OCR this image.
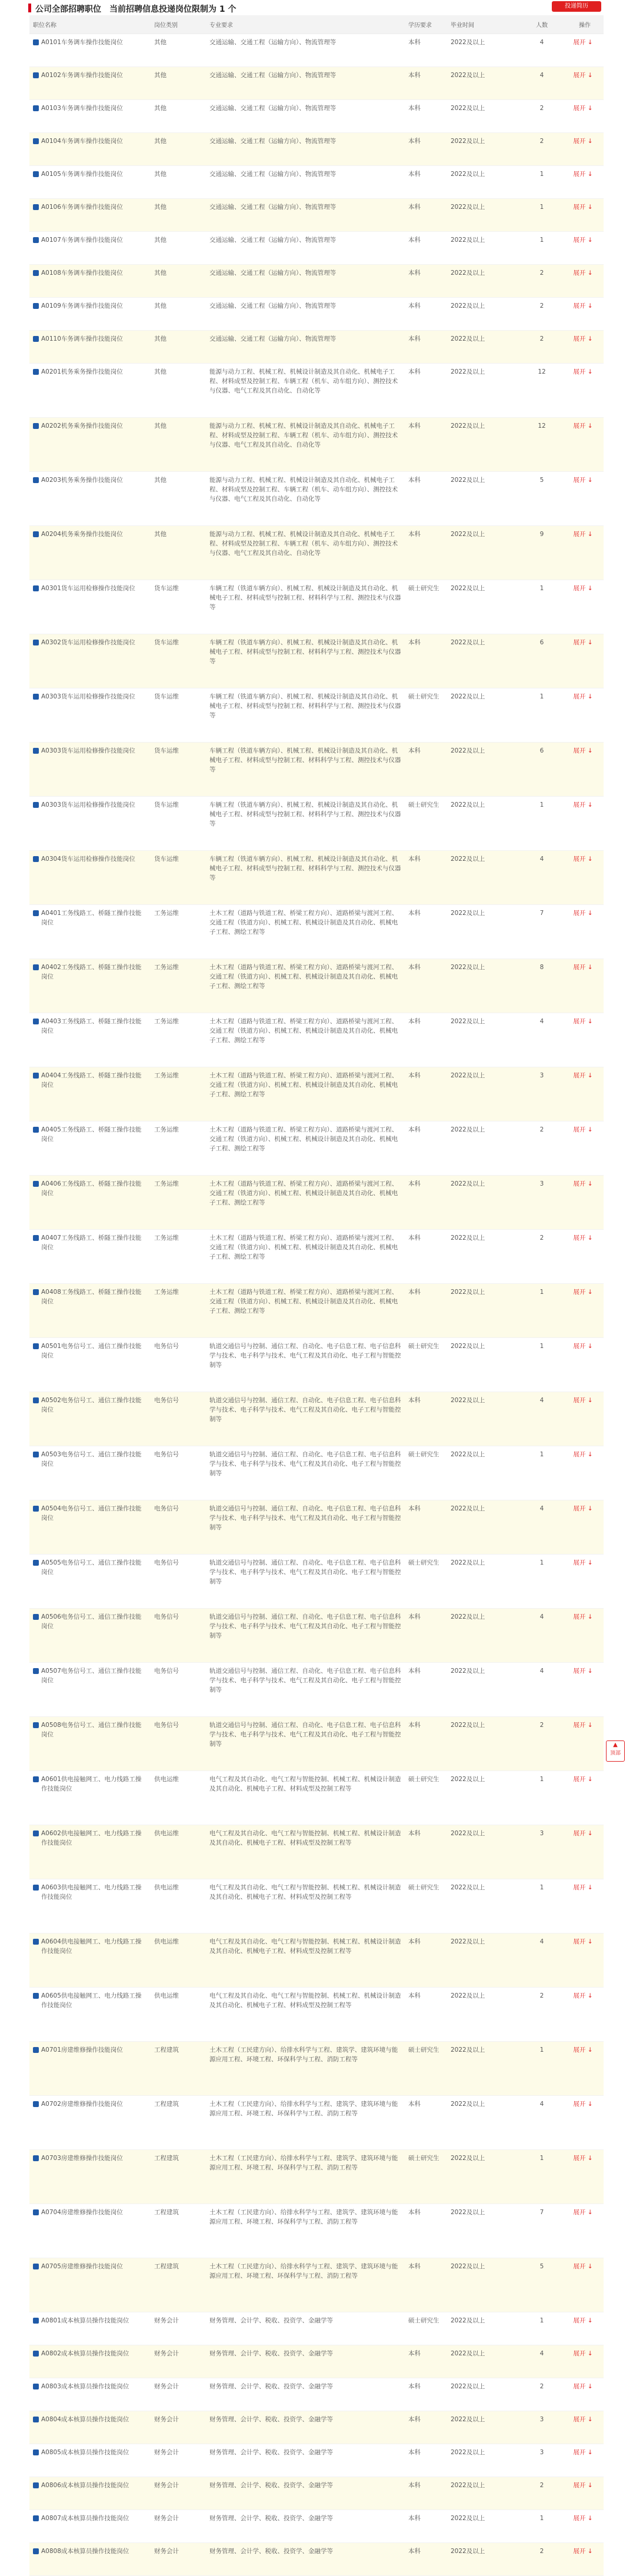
公司全部招聘职位　当前招聘信息投递岗位限制为 1 个	投递简历
职位名称	岗位类别	专业要求	学历要求	毕业时间	人数	操作

A0101车务调车操作技能岗位	其他	交通运输、交通工程（运输方向）、物流管理等	本科	2022及以上	4	展开 ↓

A0102车务调车操作技能岗位	其他	交通运输、交通工程（运输方向）、物流管理等	本科	2022及以上	4	展开 ↓

A0103车务调车操作技能岗位	其他	交通运输、交通工程（运输方向）、物流管理等	本科	2022及以上	2	展开 ↓

A0104车务调车操作技能岗位	其他	交通运输、交通工程（运输方向）、物流管理等	本科	2022及以上	2	展开 ↓

A0105车务调车操作技能岗位	其他	交通运输、交通工程（运输方向）、物流管理等	本科	2022及以上	1	展开 ↓

A0106车务调车操作技能岗位	其他	交通运输、交通工程（运输方向）、物流管理等	本科	2022及以上	1	展开 ↓

A0107车务调车操作技能岗位	其他	交通运输、交通工程（运输方向）、物流管理等	本科	2022及以上	1	展开 ↓

A0108车务调车操作技能岗位	其他	交通运输、交通工程（运输方向）、物流管理等	本科	2022及以上	2	展开 ↓

A0109车务调车操作技能岗位	其他	交通运输、交通工程（运输方向）、物流管理等	本科	2022及以上	2	展开 ↓

A0110车务调车操作技能岗位	其他	交通运输、交通工程（运输方向）、物流管理等	本科	2022及以上	2	展开 ↓

A0201机务乘务操作技能岗位	其他	能源与动力工程、机械工程、机械设计制造及其自动化、机械电子工程、材料成型及控制工程、车辆工程（机车、动车组方向）、测控技术与仪器、电气工程及其自动化、自动化等	本科	2022及以上	12	展开 ↓

A0202机务乘务操作技能岗位	其他	能源与动力工程、机械工程、机械设计制造及其自动化、机械电子工程、材料成型及控制工程、车辆工程（机车、动车组方向）、测控技术与仪器、电气工程及其自动化、自动化等	本科	2022及以上	12	展开 ↓

A0203机务乘务操作技能岗位	其他	能源与动力工程、机械工程、机械设计制造及其自动化、机械电子工程、材料成型及控制工程、车辆工程（机车、动车组方向）、测控技术与仪器、电气工程及其自动化、自动化等	本科	2022及以上	5	展开 ↓

A0204机务乘务操作技能岗位	其他	能源与动力工程、机械工程、机械设计制造及其自动化、机械电子工程、材料成型及控制工程、车辆工程（机车、动车组方向）、测控技术与仪器、电气工程及其自动化、自动化等	本科	2022及以上	9	展开 ↓

A0301货车运用检修操作技能岗位	货车运维	车辆工程（铁道车辆方向）、机械工程、机械设计制造及其自动化、机械电子工程、材料成型与控制工程、材料科学与工程、测控技术与仪器等	硕士研究生	2022及以上	1	展开 ↓

A0302货车运用检修操作技能岗位	货车运维	车辆工程（铁道车辆方向）、机械工程、机械设计制造及其自动化、机械电子工程、材料成型与控制工程、材料科学与工程、测控技术与仪器等	本科	2022及以上	6	展开 ↓

A0303货车运用检修操作技能岗位	货车运维	车辆工程（铁道车辆方向）、机械工程、机械设计制造及其自动化、机械电子工程、材料成型与控制工程、材料科学与工程、测控技术与仪器等	硕士研究生	2022及以上	1	展开 ↓

A0303货车运用检修操作技能岗位	货车运维	车辆工程（铁道车辆方向）、机械工程、机械设计制造及其自动化、机械电子工程、材料成型与控制工程、材料科学与工程、测控技术与仪器等	本科	2022及以上	6	展开 ↓

A0303货车运用检修操作技能岗位	货车运维	车辆工程（铁道车辆方向）、机械工程、机械设计制造及其自动化、机械电子工程、材料成型与控制工程、材料科学与工程、测控技术与仪器等	硕士研究生	2022及以上	1	展开 ↓

A0304货车运用检修操作技能岗位	货车运维	车辆工程（铁道车辆方向）、机械工程、机械设计制造及其自动化、机械电子工程、材料成型与控制工程、材料科学与工程、测控技术与仪器等	本科	2022及以上	4	展开 ↓

A0401工务线路工、桥隧工操作技能岗位	工务运维	土木工程（道路与铁道工程、桥梁工程方向）、道路桥梁与渡河工程、交通工程（铁道方向）、机械工程、机械设计制造及其自动化、机械电子工程、测绘工程等	本科	2022及以上	7	展开 ↓

A0402工务线路工、桥隧工操作技能岗位	工务运维	土木工程（道路与铁道工程、桥梁工程方向）、道路桥梁与渡河工程、交通工程（铁道方向）、机械工程、机械设计制造及其自动化、机械电子工程、测绘工程等	本科	2022及以上	8	展开 ↓

A0403工务线路工、桥隧工操作技能岗位	工务运维	土木工程（道路与铁道工程、桥梁工程方向）、道路桥梁与渡河工程、交通工程（铁道方向）、机械工程、机械设计制造及其自动化、机械电子工程、测绘工程等	本科	2022及以上	4	展开 ↓

A0404工务线路工、桥隧工操作技能岗位	工务运维	土木工程（道路与铁道工程、桥梁工程方向）、道路桥梁与渡河工程、交通工程（铁道方向）、机械工程、机械设计制造及其自动化、机械电子工程、测绘工程等	本科	2022及以上	3	展开 ↓

A0405工务线路工、桥隧工操作技能岗位	工务运维	土木工程（道路与铁道工程、桥梁工程方向）、道路桥梁与渡河工程、交通工程（铁道方向）、机械工程、机械设计制造及其自动化、机械电子工程、测绘工程等	本科	2022及以上	2	展开 ↓

A0406工务线路工、桥隧工操作技能岗位	工务运维	土木工程（道路与铁道工程、桥梁工程方向）、道路桥梁与渡河工程、交通工程（铁道方向）、机械工程、机械设计制造及其自动化、机械电子工程、测绘工程等	本科	2022及以上	3	展开 ↓

A0407工务线路工、桥隧工操作技能岗位	工务运维	土木工程（道路与铁道工程、桥梁工程方向）、道路桥梁与渡河工程、交通工程（铁道方向）、机械工程、机械设计制造及其自动化、机械电子工程、测绘工程等	本科	2022及以上	2	展开 ↓

A0408工务线路工、桥隧工操作技能岗位	工务运维	土木工程（道路与铁道工程、桥梁工程方向）、道路桥梁与渡河工程、交通工程（铁道方向）、机械工程、机械设计制造及其自动化、机械电子工程、测绘工程等	本科	2022及以上	1	展开 ↓

A0501电务信号工、通信工操作技能岗位	电务信号	轨道交通信号与控制、通信工程、自动化、电子信息工程、电子信息科学与技术、电子科学与技术、电气工程及其自动化、电子工程与智能控制等	硕士研究生	2022及以上	1	展开 ↓

A0502电务信号工、通信工操作技能岗位	电务信号	轨道交通信号与控制、通信工程、自动化、电子信息工程、电子信息科学与技术、电子科学与技术、电气工程及其自动化、电子工程与智能控制等	本科	2022及以上	4	展开 ↓

A0503电务信号工、通信工操作技能岗位	电务信号	轨道交通信号与控制、通信工程、自动化、电子信息工程、电子信息科学与技术、电子科学与技术、电气工程及其自动化、电子工程与智能控制等	硕士研究生	2022及以上	1	展开 ↓

A0504电务信号工、通信工操作技能岗位	电务信号	轨道交通信号与控制、通信工程、自动化、电子信息工程、电子信息科学与技术、电子科学与技术、电气工程及其自动化、电子工程与智能控制等	本科	2022及以上	4	展开 ↓

A0505电务信号工、通信工操作技能岗位	电务信号	轨道交通信号与控制、通信工程、自动化、电子信息工程、电子信息科学与技术、电子科学与技术、电气工程及其自动化、电子工程与智能控制等	硕士研究生	2022及以上	1	展开 ↓

A0506电务信号工、通信工操作技能岗位	电务信号	轨道交通信号与控制、通信工程、自动化、电子信息工程、电子信息科学与技术、电子科学与技术、电气工程及其自动化、电子工程与智能控制等	本科	2022及以上	4	展开 ↓

A0507电务信号工、通信工操作技能岗位	电务信号	轨道交通信号与控制、通信工程、自动化、电子信息工程、电子信息科学与技术、电子科学与技术、电气工程及其自动化、电子工程与智能控制等	本科	2022及以上	4	展开 ↓

A0508电务信号工、通信工操作技能岗位	电务信号	轨道交通信号与控制、通信工程、自动化、电子信息工程、电子信息科学与技术、电子科学与技术、电气工程及其自动化、电子工程与智能控制等	本科	2022及以上	2	展开 ↓

A0601供电接触网工、电力线路工操作技能岗位	供电运维	电气工程及其自动化、电气工程与智能控制、机械工程、机械设计制造及其自动化、机械电子工程、材料成型及控制工程等	硕士研究生	2022及以上	1	展开 ↓

A0602供电接触网工、电力线路工操作技能岗位	供电运维	电气工程及其自动化、电气工程与智能控制、机械工程、机械设计制造及其自动化、机械电子工程、材料成型及控制工程等	本科	2022及以上	3	展开 ↓

A0603供电接触网工、电力线路工操作技能岗位	供电运维	电气工程及其自动化、电气工程与智能控制、机械工程、机械设计制造及其自动化、机械电子工程、材料成型及控制工程等	硕士研究生	2022及以上	1	展开 ↓

A0604供电接触网工、电力线路工操作技能岗位	供电运维	电气工程及其自动化、电气工程与智能控制、机械工程、机械设计制造及其自动化、机械电子工程、材料成型及控制工程等	本科	2022及以上	4	展开 ↓

A0605供电接触网工、电力线路工操作技能岗位	供电运维	电气工程及其自动化、电气工程与智能控制、机械工程、机械设计制造及其自动化、机械电子工程、材料成型及控制工程等	本科	2022及以上	2	展开 ↓

A0701房建维修操作技能岗位	工程建筑	土木工程（工民建方向）、给排水科学与工程、建筑学、建筑环境与能源应用工程、环境工程、环保科学与工程、消防工程等	硕士研究生	2022及以上	1	展开 ↓

A0702房建维修操作技能岗位	工程建筑	土木工程（工民建方向）、给排水科学与工程、建筑学、建筑环境与能源应用工程、环境工程、环保科学与工程、消防工程等	本科	2022及以上	4	展开 ↓

A0703房建维修操作技能岗位	工程建筑	土木工程（工民建方向）、给排水科学与工程、建筑学、建筑环境与能源应用工程、环境工程、环保科学与工程、消防工程等	硕士研究生	2022及以上	1	展开 ↓

A0704房建维修操作技能岗位	工程建筑	土木工程（工民建方向）、给排水科学与工程、建筑学、建筑环境与能源应用工程、环境工程、环保科学与工程、消防工程等	本科	2022及以上	7	展开 ↓

A0705房建维修操作技能岗位	工程建筑	土木工程（工民建方向）、给排水科学与工程、建筑学、建筑环境与能源应用工程、环境工程、环保科学与工程、消防工程等	本科	2022及以上	5	展开 ↓

A0801成本核算员操作技能岗位	财务会计	财务管理、会计学、税收、投资学、金融学等	硕士研究生	2022及以上	1	展开 ↓

A0802成本核算员操作技能岗位	财务会计	财务管理、会计学、税收、投资学、金融学等	本科	2022及以上	4	展开 ↓

A0803成本核算员操作技能岗位	财务会计	财务管理、会计学、税收、投资学、金融学等	本科	2022及以上	2	展开 ↓

A0804成本核算员操作技能岗位	财务会计	财务管理、会计学、税收、投资学、金融学等	本科	2022及以上	3	展开 ↓

A0805成本核算员操作技能岗位	财务会计	财务管理、会计学、税收、投资学、金融学等	本科	2022及以上	3	展开 ↓

A0806成本核算员操作技能岗位	财务会计	财务管理、会计学、税收、投资学、金融学等	本科	2022及以上	2	展开 ↓

A0807成本核算员操作技能岗位	财务会计	财务管理、会计学、税收、投资学、金融学等	本科	2022及以上	1	展开 ↓

A0808成本核算员操作技能岗位	财务会计	财务管理、会计学、税收、投资学、金融学等	本科	2022及以上	2	展开 ↓
▲
顶部
